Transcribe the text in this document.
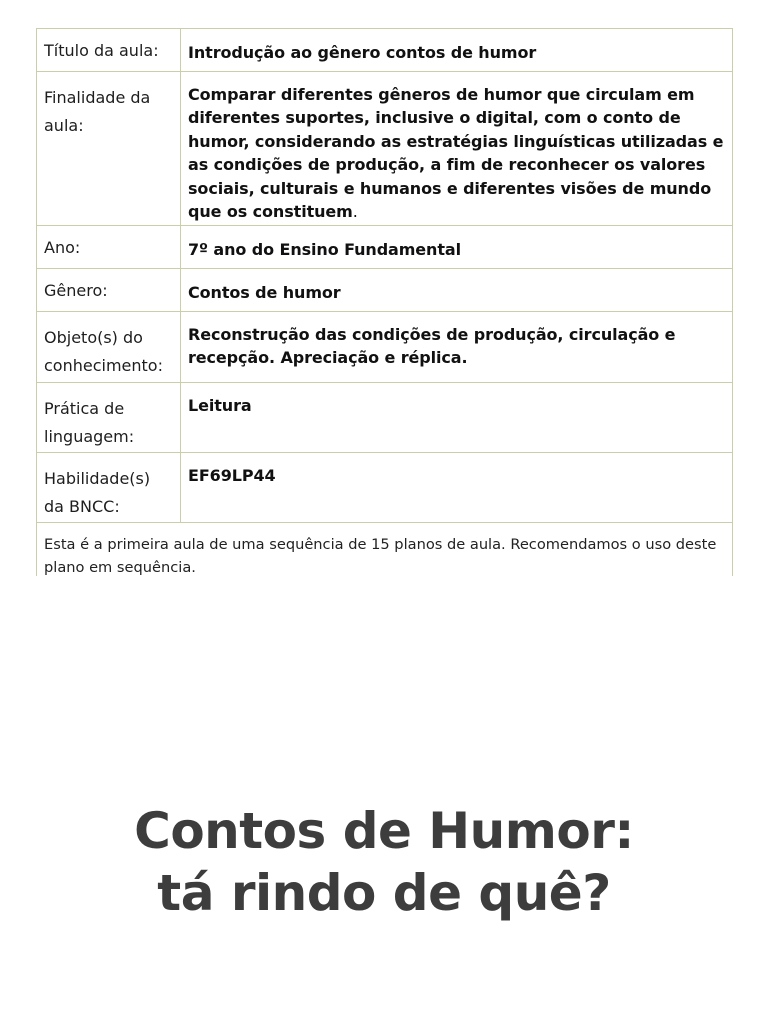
Título da aula:	Introdução ao gênero contos de humor
Finalidade da aula:	Comparar diferentes gêneros de humor que circulam em diferentes suportes, inclusive o digital, com o conto de humor, considerando as estratégias linguísticas utilizadas e as condições de produção, a fim de reconhecer os valores sociais, culturais e humanos e diferentes visões de mundo que os constituem.
Ano:	7º ano do Ensino Fundamental
Gênero:	Contos de humor
Objeto(s) do conhecimento:	Reconstrução das condições de produção, circulação e recepção. Apreciação e réplica.
Prática de linguagem:	Leitura
Habilidade(s) da BNCC:	EF69LP44
Esta é a primeira aula de uma sequência de 15 planos de aula. Recomendamos o uso deste plano em sequência.	
Contos de Humor:
tá rindo de quê?
